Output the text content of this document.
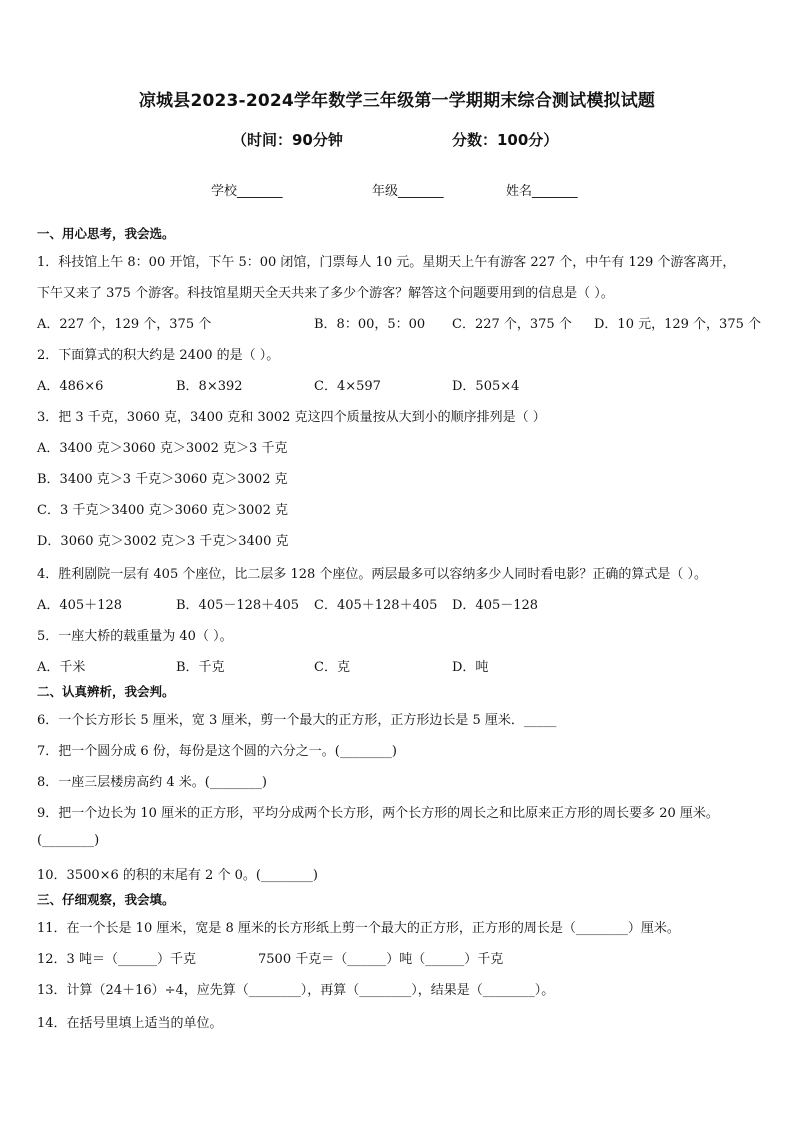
凉城县2023-2024学年数学三年级第一学期期末综合测试模拟试题
（时间：90分钟	分数：100分）
学校_______	年级_______	姓名_______
一、用心思考，我会选。
1．科技馆上午 8：00 开馆，下午 5：00 闭馆，门票每人 10 元。星期天上午有游客 227 个，中午有 129 个游客离开，
下午又来了 375 个游客。科技馆星期天全天共来了多少个游客？解答这个问题要用到的信息是（ ）。
A．227 个，129 个，375 个	B．8：00，5：00 C．227 个，375 个 D．10 元，129 个，375 个
2．下面算式的积大约是 2400 的是（ ）。
A．486×6	B．8×392	C．4×597	D．505×4
3．把 3 千克，3060 克，3400 克和 3002 克这四个质量按从大到小的顺序排列是（ ）
A．3400 克＞3060 克＞3002 克＞3 千克
B．3400 克＞3 千克＞3060 克＞3002 克
C．3 千克＞3400 克＞3060 克＞3002 克
D．3060 克＞3002 克＞3 千克＞3400 克
4．胜利剧院一层有 405 个座位，比二层多 128 个座位。两层最多可以容纳多少人同时看电影？正确的算式是（ ）。
A．405＋128	B．405－128＋405 C．405＋128＋405 D．405－128
5．一座大桥的载重量为 40（ ）。
A．千米	B．千克	C．克	D．吨
二、认真辨析，我会判。
6．一个长方形长 5 厘米，宽 3 厘米，剪一个最大的正方形，正方形边长是 5 厘米．_____
7．把一个圆分成 6 份，每份是这个圆的六分之一。(________)
8．一座三层楼房高约 4 米。(________)
9．把一个边长为 10 厘米的正方形，平均分成两个长方形，两个长方形的周长之和比原来正方形的周长要多 20 厘米。
(________)
10．3500×6 的积的末尾有 2 个 0。(________)
三、仔细观察，我会填。
11．在一个长是 10 厘米，宽是 8 厘米的长方形纸上剪一个最大的正方形，正方形的周长是（________）厘米。
12．3 吨＝（______）千克	7500 千克＝（______）吨（______）千克
13．计算（24＋16）÷4，应先算（________），再算（________），结果是（________）。
14．在括号里填上适当的单位。
